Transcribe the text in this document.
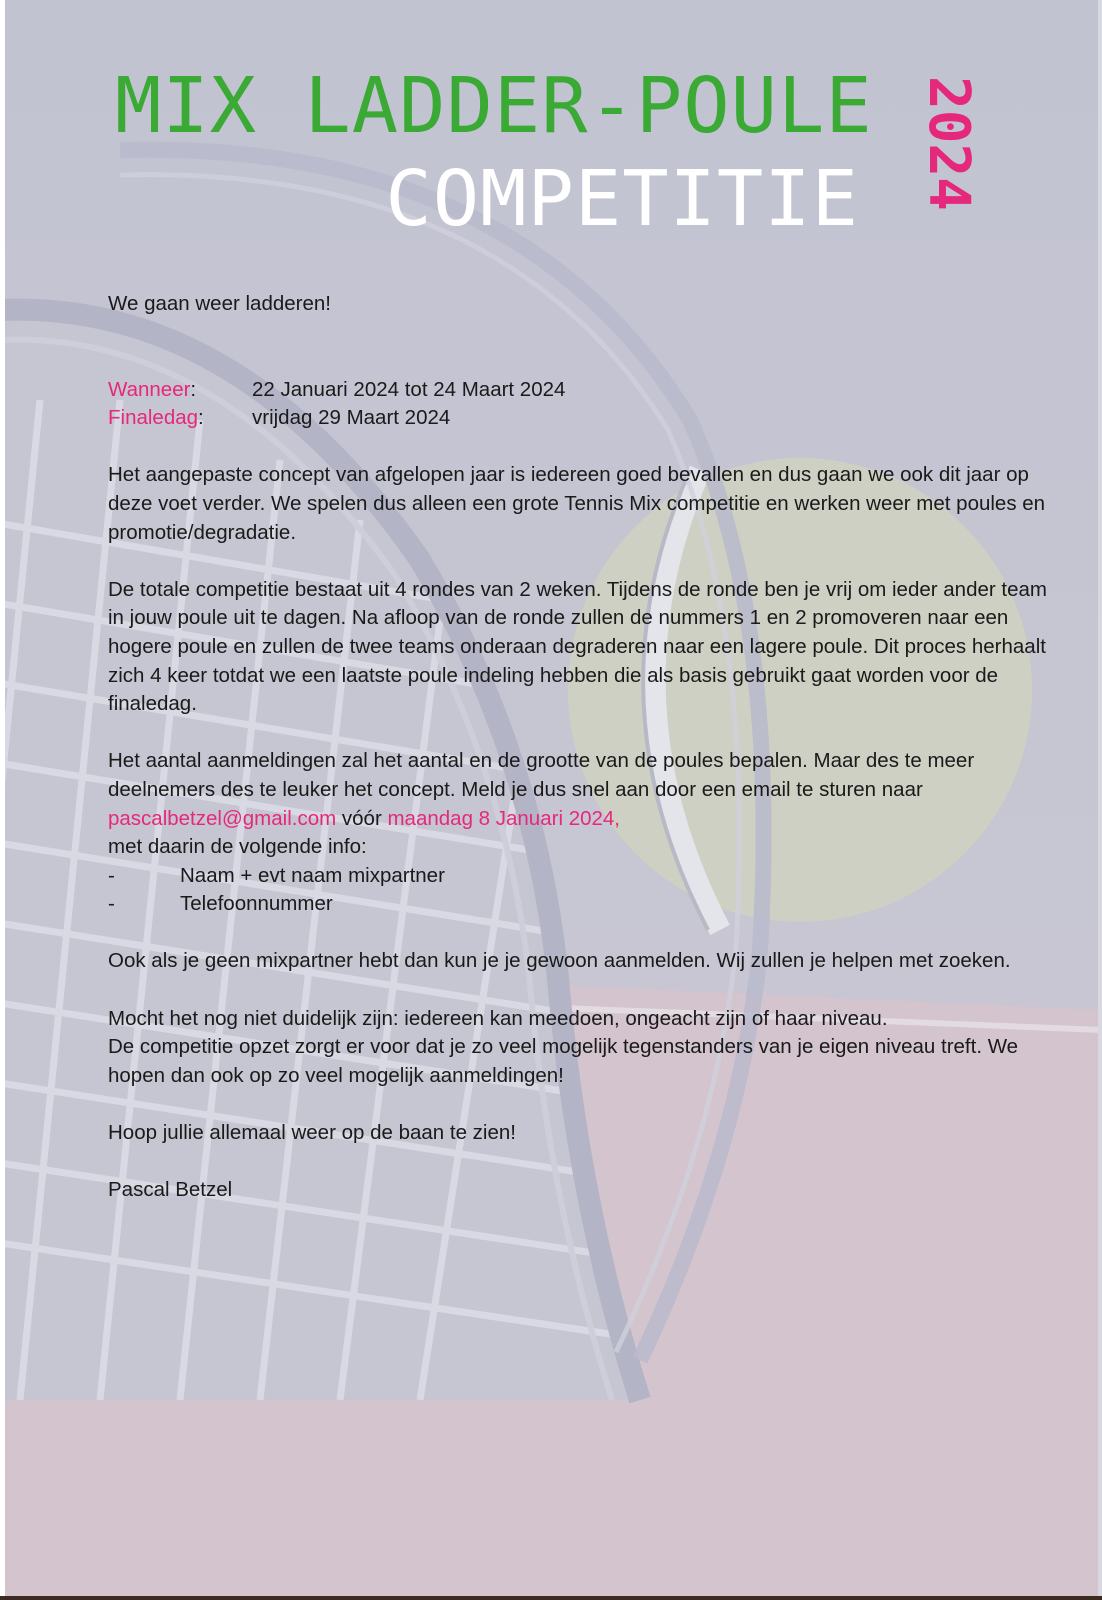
MIX LADDER-POULE
COMPETITIE 2024

We gaan weer ladderen!

Wanneer:	22 Januari 2024 tot 24 Maart 2024
Finaledag:	vrijdag 29 Maart 2024

Het aangepaste concept van afgelopen jaar is iedereen goed bevallen en dus gaan we ook dit jaar op deze voet verder. We spelen dus alleen een grote Tennis Mix competitie en werken weer met poules en promotie/degradatie.

De totale competitie bestaat uit 4 rondes van 2 weken. Tijdens de ronde ben je vrij om ieder ander team in jouw poule uit te dagen. Na afloop van de ronde zullen de nummers 1 en 2 promoveren naar een hogere poule en zullen de twee teams onderaan degraderen naar een lagere poule. Dit proces herhaalt zich 4 keer totdat we een laatste poule indeling hebben die als basis gebruikt gaat worden voor de finaledag.

Het aantal aanmeldingen zal het aantal en de grootte van de poules bepalen. Maar des te meer deelnemers des te leuker het concept. Meld je dus snel aan door een email te sturen naar pascalbetzel@gmail.com vóór maandag 8 Januari 2024,

met daarin de volgende info:

-	Naam + evt naam mixpartner
-	Telefoonnummer

Ook als je geen mixpartner hebt dan kun je je gewoon aanmelden. Wij zullen je helpen met zoeken.

Mocht het nog niet duidelijk zijn: iedereen kan meedoen, ongeacht zijn of haar niveau.

De competitie opzet zorgt er voor dat je zo veel mogelijk tegenstanders van je eigen niveau treft. We hopen dan ook op zo veel mogelijk aanmeldingen!

Hoop jullie allemaal weer op de baan te zien!

Pascal Betzel
